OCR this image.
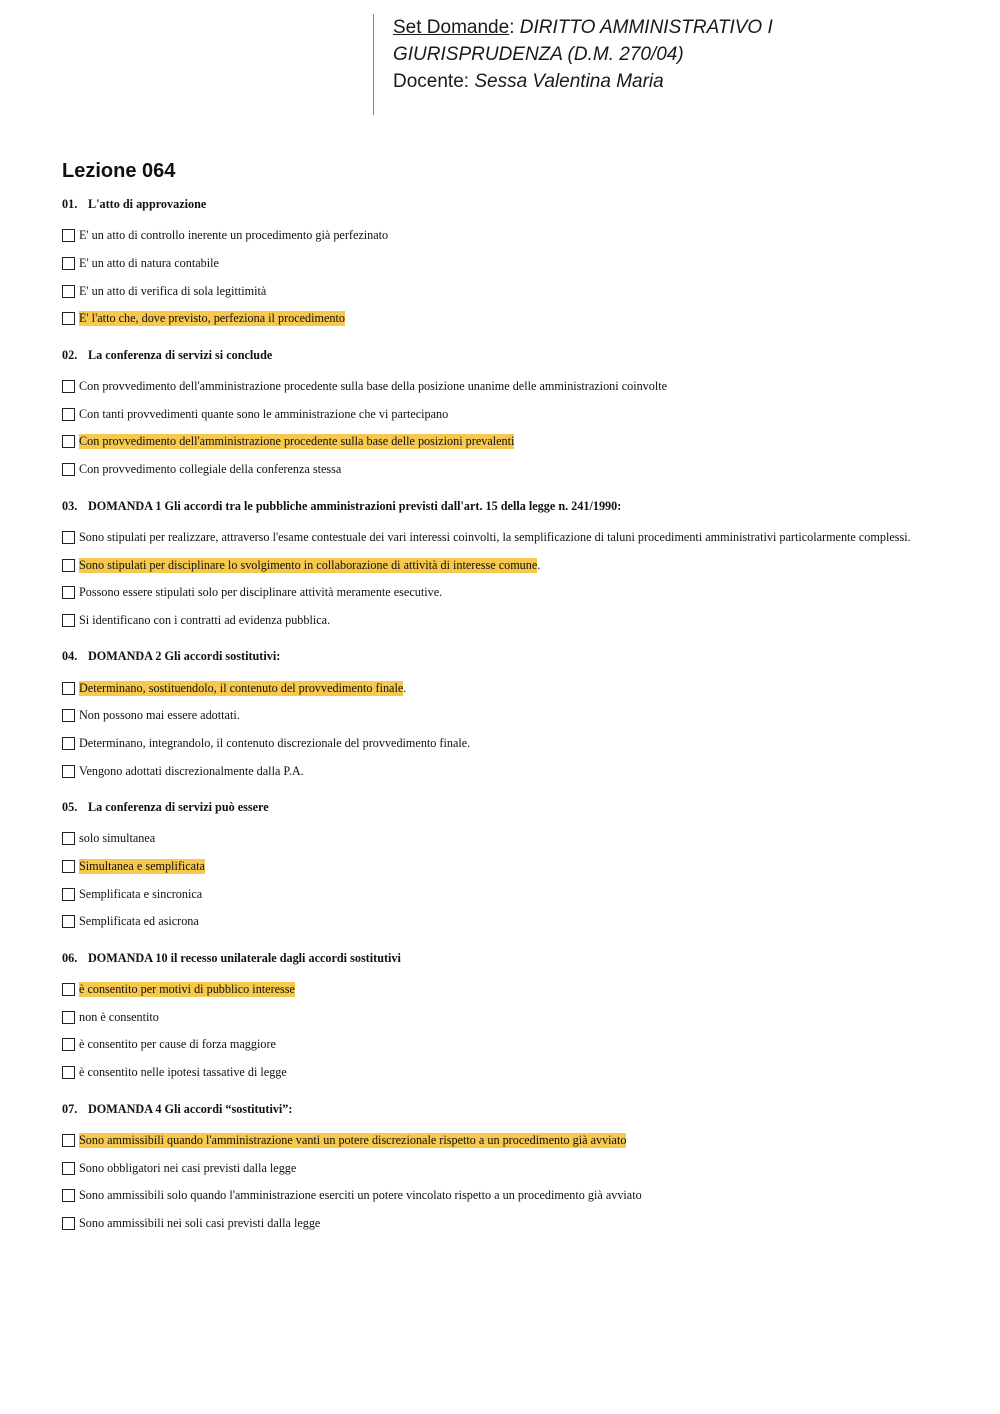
Set Domande: DIRITTO AMMINISTRATIVO I
GIURISPRUDENZA (D.M. 270/04)
Docente: Sessa Valentina Maria
Lezione 064
01. L'atto di approvazione
E' un atto di controllo inerente un procedimento già perfezinato
E' un atto di natura contabile
E' un atto di verifica di sola legittimità
E' l'atto che, dove previsto, perfeziona il procedimento
02. La conferenza di servizi si conclude
Con provvedimento dell'amministrazione procedente sulla base della posizione unanime delle amministrazioni coinvolte
Con tanti provvedimenti quante sono le amministrazione che vi partecipano
Con provvedimento dell'amministrazione procedente sulla base delle posizioni prevalenti
Con provvedimento collegiale della conferenza stessa
03. DOMANDA 1 Gli accordi tra le pubbliche amministrazioni previsti dall'art. 15 della legge n. 241/1990:
Sono stipulati per realizzare, attraverso l'esame contestuale dei vari interessi coinvolti, la semplificazione di taluni procedimenti amministrativi particolarmente complessi.
Sono stipulati per disciplinare lo svolgimento in collaborazione di attività di interesse comune .
Possono essere stipulati solo per disciplinare attività meramente esecutive.
Si identificano con i contratti ad evidenza pubblica.
04. DOMANDA 2 Gli accordi sostitutivi:
Determinano, sostituendolo, il contenuto del provvedimento finale .
Non possono mai essere adottati.
Determinano, integrandolo, il contenuto discrezionale del provvedimento finale.
Vengono adottati discrezionalmente dalla P.A.
05. La conferenza di servizi può essere
solo simultanea
Simultanea e semplificata
Semplificata e sincronica
Semplificata ed asicrona
06. DOMANDA 10 il recesso unilaterale dagli accordi sostitutivi
è consentito per motivi di pubblico interesse
non è consentito
è consentito per cause di forza maggiore
è consentito nelle ipotesi tassative di legge
07. DOMANDA 4 Gli accordi “sostitutivi”:
Sono ammissibili quando l'amministrazione vanti un potere discrezionale rispetto a un procedimento già avviato
Sono obbligatori nei casi previsti dalla legge
Sono ammissibili solo quando l'amministrazione eserciti un potere vincolato rispetto a un procedimento già avviato
Sono ammissibili nei soli casi previsti dalla legge
